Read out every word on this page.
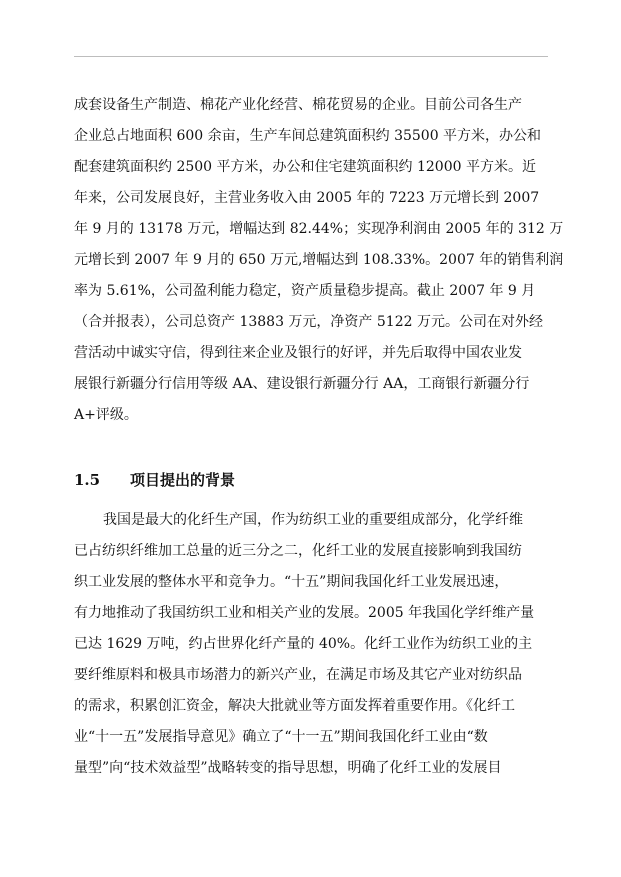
成套设备生产制造、棉花产业化经营、棉花贸易的企业。目前公司各生产
企业总占地面积 600 余亩，生产车间总建筑面积约 35500 平方米，办公和
配套建筑面积约 2500 平方米，办公和住宅建筑面积约 12000 平方米。近
年来，公司发展良好，主营业务收入由 2005 年的 7223 万元增长到 2007
年 9 月的 13178 万元，增幅达到 82.44%；实现净利润由 2005 年的 312 万
元增长到 2007 年 9 月的 650 万元,增幅达到 108.33%。2007 年的销售利润
率为 5.61%，公司盈利能力稳定，资产质量稳步提高。截止 2007 年 9 月
（合并报表），公司总资产 13883 万元，净资产 5122 万元。公司在对外经
营活动中诚实守信，得到往来企业及银行的好评，并先后取得中国农业发
展银行新疆分行信用等级 AA、建设银行新疆分行 AA，工商银行新疆分行
A+评级。
1.5 项目提出的背景
我国是最大的化纤生产国，作为纺织工业的重要组成部分，化学纤维
已占纺织纤维加工总量的近三分之二，化纤工业的发展直接影响到我国纺
织工业发展的整体水平和竞争力。“十五”期间我国化纤工业发展迅速，
有力地推动了我国纺织工业和相关产业的发展。2005 年我国化学纤维产量
已达 1629 万吨，约占世界化纤产量的 40%。化纤工业作为纺织工业的主
要纤维原料和极具市场潜力的新兴产业，在满足市场及其它产业对纺织品
的需求，积累创汇资金，解决大批就业等方面发挥着重要作用。《化纤工
业“十一五”发展指导意见》确立了“十一五”期间我国化纤工业由“数
量型”向“技术效益型”战略转变的指导思想，明确了化纤工业的发展目
